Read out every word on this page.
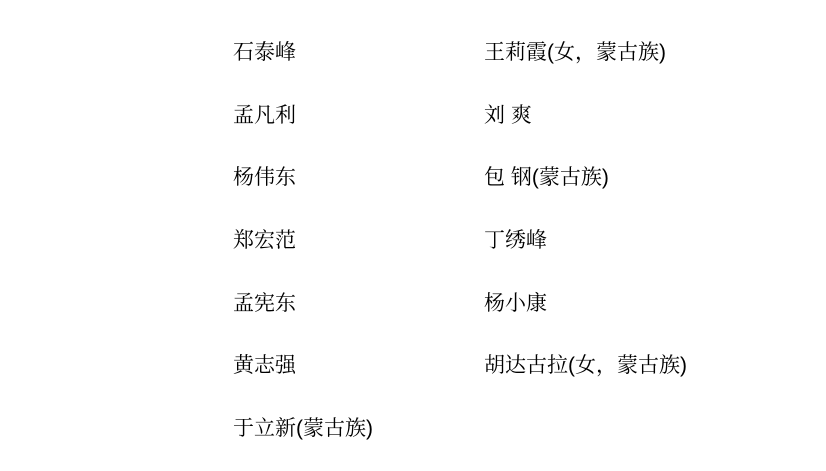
石泰峰	王莉霞(女，蒙古族)
孟凡利	刘 爽
杨伟东	包 钢(蒙古族)
郑宏范	丁绣峰
孟宪东	杨小康
黄志强	胡达古拉(女，蒙古族)
于立新(蒙古族)
